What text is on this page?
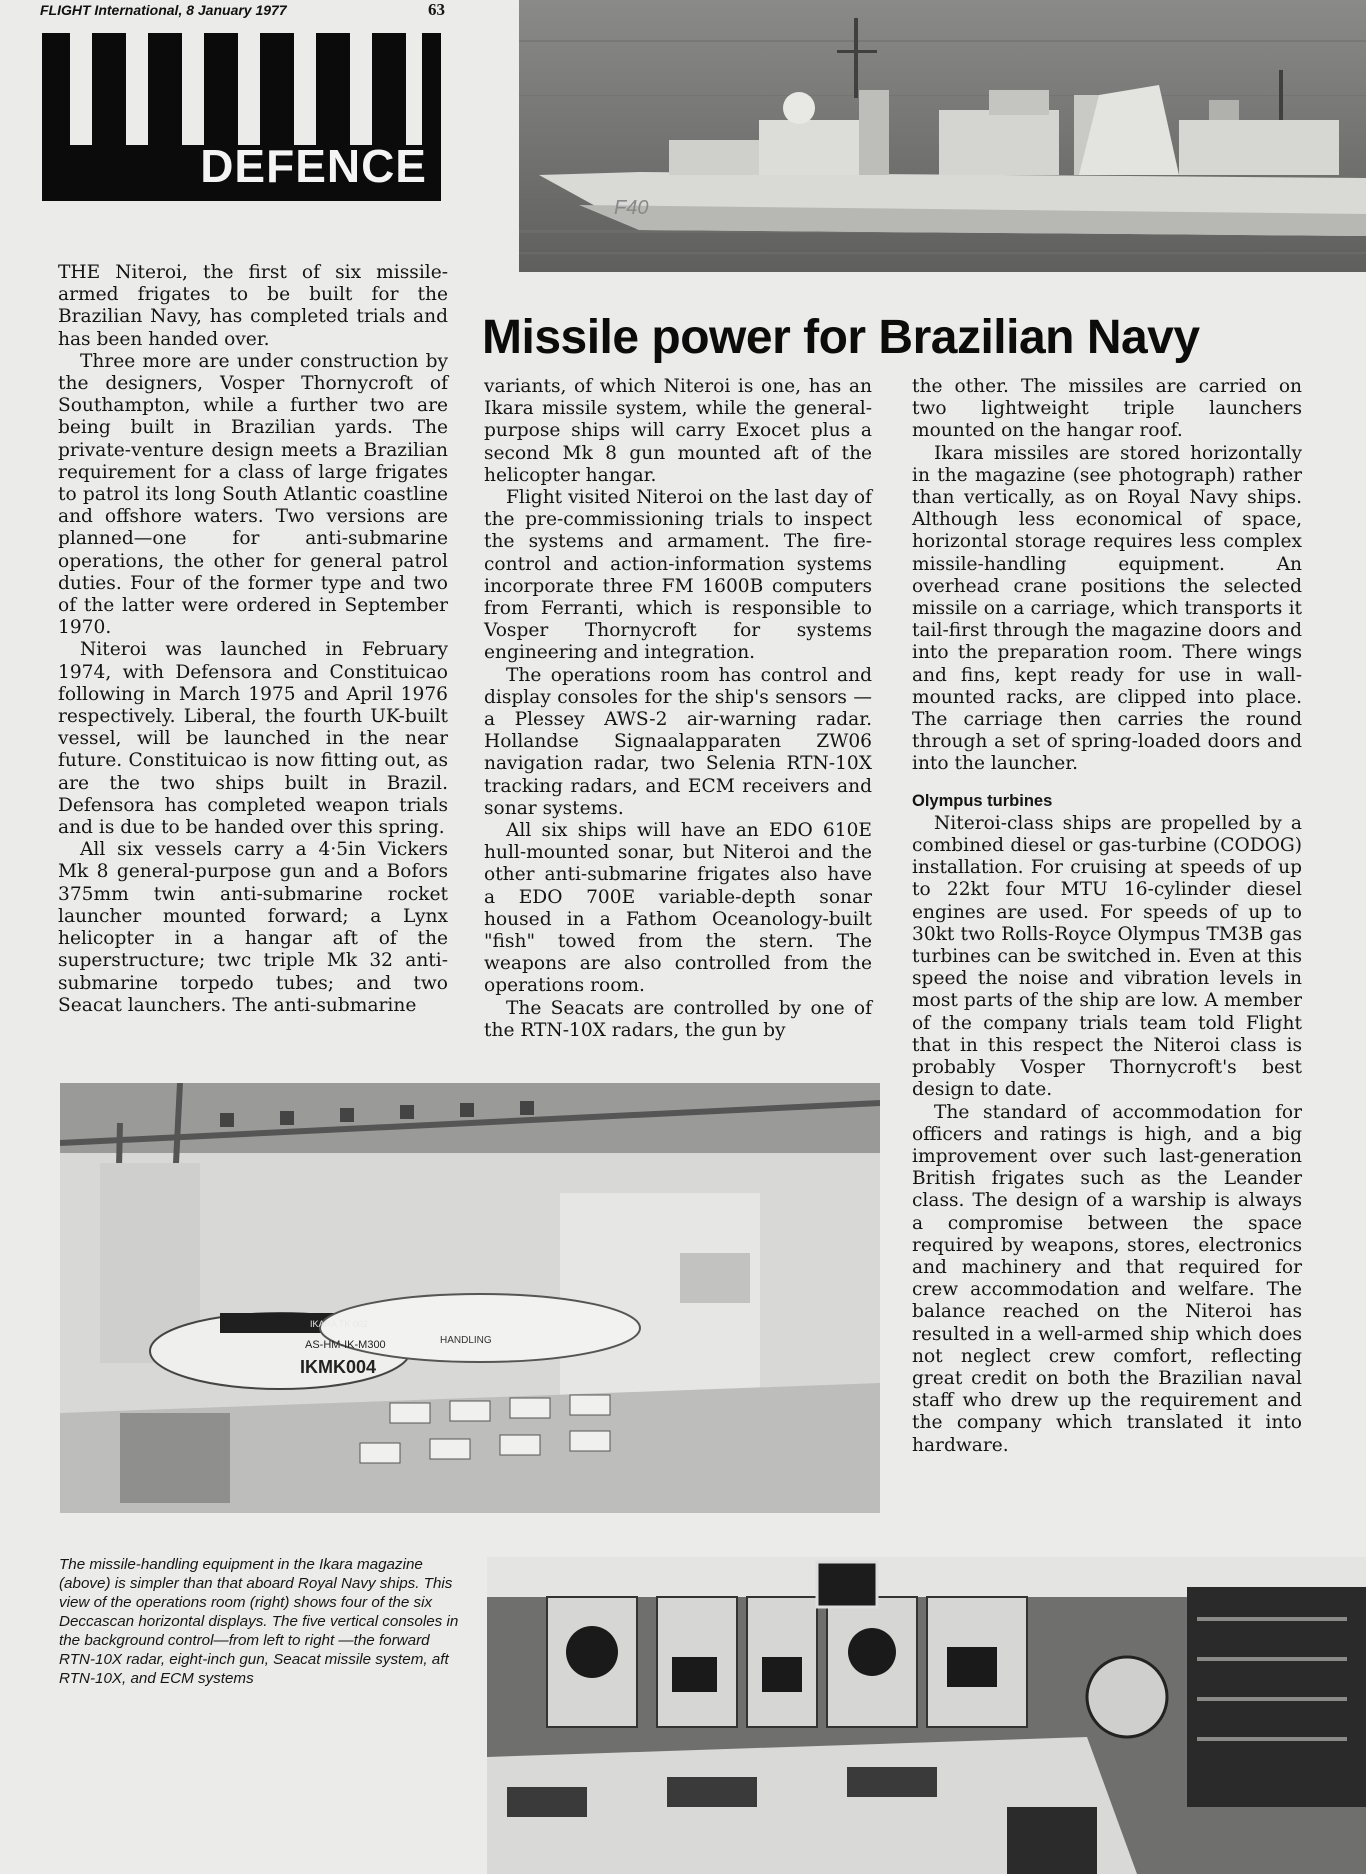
FLIGHT International, 8 January 1977	63
DEFENCE
F40
Missile power for Brazilian Navy

THE Niteroi, the first of six missile-armed frigates to be built for the Brazilian Navy, has completed trials and has been handed over.

Three more are under construction by the designers, Vosper Thornycroft of Southampton, while a further two are being built in Brazilian yards. The private-venture design meets a Brazilian requirement for a class of large frigates to patrol its long South Atlantic coastline and offshore waters. Two versions are planned—one for anti-submarine operations, the other for general patrol duties. Four of the former type and two of the latter were ordered in September 1970.

Niteroi was launched in February 1974, with Defensora and Constituicao following in March 1975 and April 1976 respectively. Liberal, the fourth UK-built vessel, will be launched in the near future. Constituicao is now fitting out, as are the two ships built in Brazil. Defensora has completed weapon trials and is due to be handed over this spring.

All six vessels carry a 4·5in Vickers Mk 8 general-purpose gun and a Bofors 375mm twin anti-submarine rocket launcher mounted forward; a Lynx helicopter in a hangar aft of the superstructure; twc triple Mk 32 anti-submarine torpedo tubes; and two Seacat launchers. The anti-submarine

variants, of which Niteroi is one, has an Ikara missile system, while the general-purpose ships will carry Exocet plus a second Mk 8 gun mounted aft of the helicopter hangar.

Flight visited Niteroi on the last day of the pre-commissioning trials to inspect the systems and armament. The fire-control and action-information systems incorporate three FM 1600B computers from Ferranti, which is responsible to Vosper Thornycroft for systems engineering and integration.

The operations room has control and display consoles for the ship's sensors —a Plessey AWS-2 air-warning radar. Hollandse Signaalapparaten ZW06 navigation radar, two Selenia RTN-10X tracking radars, and ECM receivers and sonar systems.

All six ships will have an EDO 610E hull-mounted sonar, but Niteroi and the other anti-submarine frigates also have a EDO 700E variable-depth sonar housed in a Fathom Oceanology-built "fish" towed from the stern. The weapons are also controlled from the operations room.

The Seacats are controlled by one of the RTN-10X radars, the gun by

the other. The missiles are carried on two lightweight triple launchers mounted on the hangar roof.

Ikara missiles are stored horizontally in the magazine (see photograph) rather than vertically, as on Royal Navy ships. Although less economical of space, horizontal storage requires less complex missile-handling equipment. An overhead crane positions the selected missile on a carriage, which transports it tail-first through the magazine doors and into the preparation room. There wings and fins, kept ready for use in wall-mounted racks, are clipped into place. The carriage then carries the round through a set of spring-loaded doors and into the launcher.

Olympus turbines

Niteroi-class ships are propelled by a combined diesel or gas-turbine (CODOG) installation. For cruising at speeds of up to 22kt four MTU 16-cylinder diesel engines are used. For speeds of up to 30kt two Rolls-Royce Olympus TM3B gas turbines can be switched in. Even at this speed the noise and vibration levels in most parts of the ship are low. A member of the company trials team told Flight that in this respect the Niteroi class is probably Vosper Thornycroft's best design to date.

The standard of accommodation for officers and ratings is high, and a big improvement over such last-generation British frigates such as the Leander class. The design of a warship is always a compromise between the space required by weapons, stores, electronics and machinery and that required for crew accommodation and welfare. The balance reached on the Niteroi has resulted in a well-armed ship which does not neglect crew comfort, reflecting great credit on both the Brazilian naval staff who drew up the requirement and the company which translated it into hardware.

IKARA TK 002
AS-HM-IK-M300
IKMK004
HANDLING
The missile-handling equipment in the Ikara magazine (above) is simpler than that aboard Royal Navy ships. This view of the operations room (right) shows four of the six Deccascan horizontal displays. The five vertical consoles in the background control—from left to right —the forward RTN-10X radar, eight-inch gun, Seacat missile system, aft RTN-10X, and ECM systems
